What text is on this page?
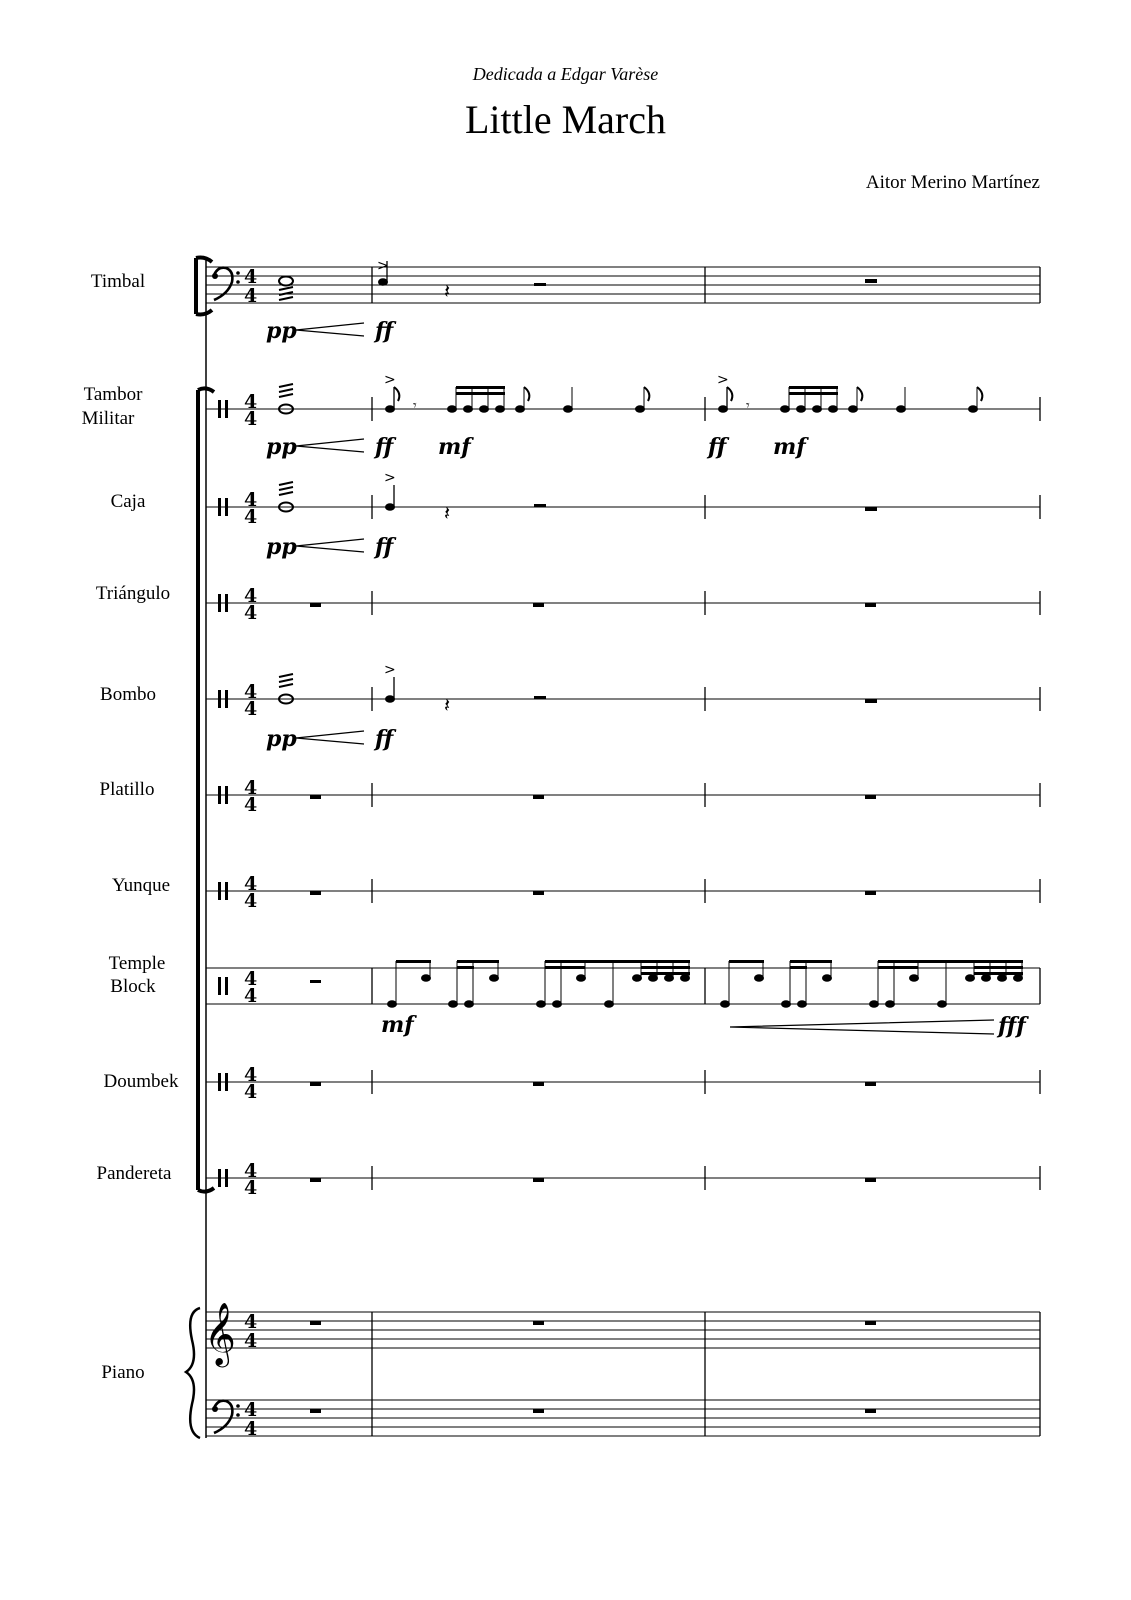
Dedicada a Edgar Varèse
Little March
Aitor Merino Martínez
Timbal
Tambor
Militar
Caja
Triángulo
Bombo
Platillo
Yunque
Temple
Block
Doumbek
Pandereta
Piano
>
𝄽
pp	ff
>
𝄾
>
𝄾
pp	ff mf	ff mf
>
𝄽
pp	ff
>
𝄽
pp	ff
mf	fff
𝄞
4
4
4
4
4
4
4
4
4
4
4
4
4
4
4
4
4
4
4
4
4
4
4
4
